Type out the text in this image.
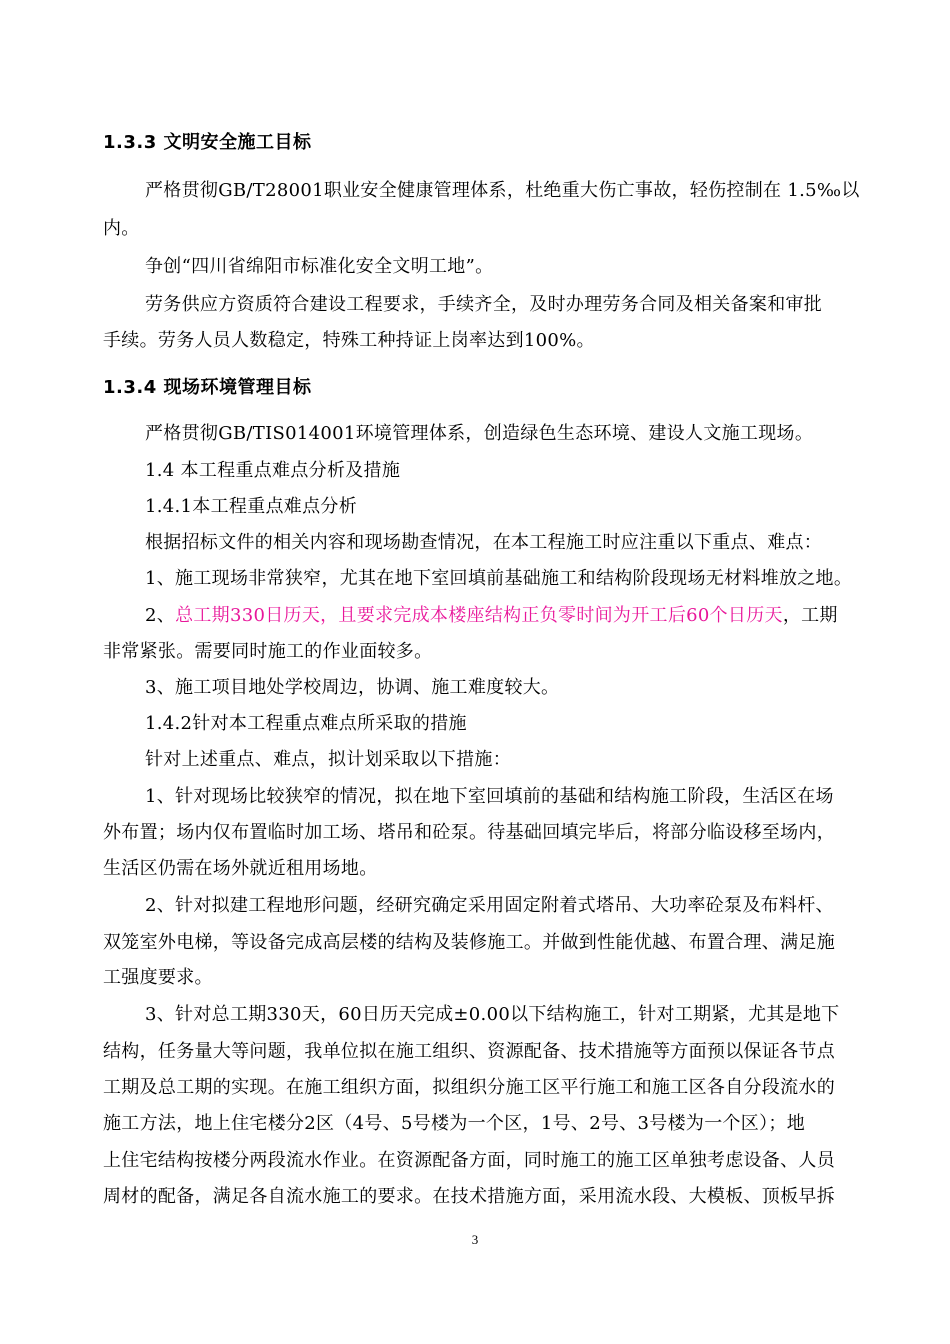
1.3.3 文明安全施工目标
严格贯彻GB/T28001职业安全健康管理体系，杜绝重大伤亡事故，轻伤控制在 1.5‰以
内。
争创“四川省绵阳市标准化安全文明工地”。
劳务供应方资质符合建设工程要求，手续齐全，及时办理劳务合同及相关备案和审批
手续。劳务人员人数稳定，特殊工种持证上岗率达到100%。
1.3.4 现场环境管理目标
严格贯彻GB/TIS014001环境管理体系，创造绿色生态环境、建设人文施工现场。
1.4 本工程重点难点分析及措施
1.4.1本工程重点难点分析
根据招标文件的相关内容和现场勘查情况，在本工程施工时应注重以下重点、难点：
1、施工现场非常狭窄，尤其在地下室回填前基础施工和结构阶段现场无材料堆放之地。
2、总工期330日历天，且要求完成本楼座结构正负零时间为开工后60个日历天，工期
非常紧张。需要同时施工的作业面较多。
3、施工项目地处学校周边，协调、施工难度较大。
1.4.2针对本工程重点难点所采取的措施
针对上述重点、难点，拟计划采取以下措施：
1、针对现场比较狭窄的情况，拟在地下室回填前的基础和结构施工阶段，生活区在场
外布置；场内仅布置临时加工场、塔吊和砼泵。待基础回填完毕后，将部分临设移至场内，
生活区仍需在场外就近租用场地。
2、针对拟建工程地形问题，经研究确定采用固定附着式塔吊、大功率砼泵及布料杆、
双笼室外电梯，等设备完成高层楼的结构及装修施工。并做到性能优越、布置合理、满足施
工强度要求。
3、针对总工期330天，60日历天完成±0.00以下结构施工，针对工期紧，尤其是地下
结构，任务量大等问题，我单位拟在施工组织、资源配备、技术措施等方面预以保证各节点
工期及总工期的实现。在施工组织方面，拟组织分施工区平行施工和施工区各自分段流水的
施工方法，地上住宅楼分2区（4号、5号楼为一个区，1号、2号、3号楼为一个区）；地
上住宅结构按楼分两段流水作业。在资源配备方面，同时施工的施工区单独考虑设备、人员
周材的配备，满足各自流水施工的要求。在技术措施方面，采用流水段、大模板、顶板早拆
3
